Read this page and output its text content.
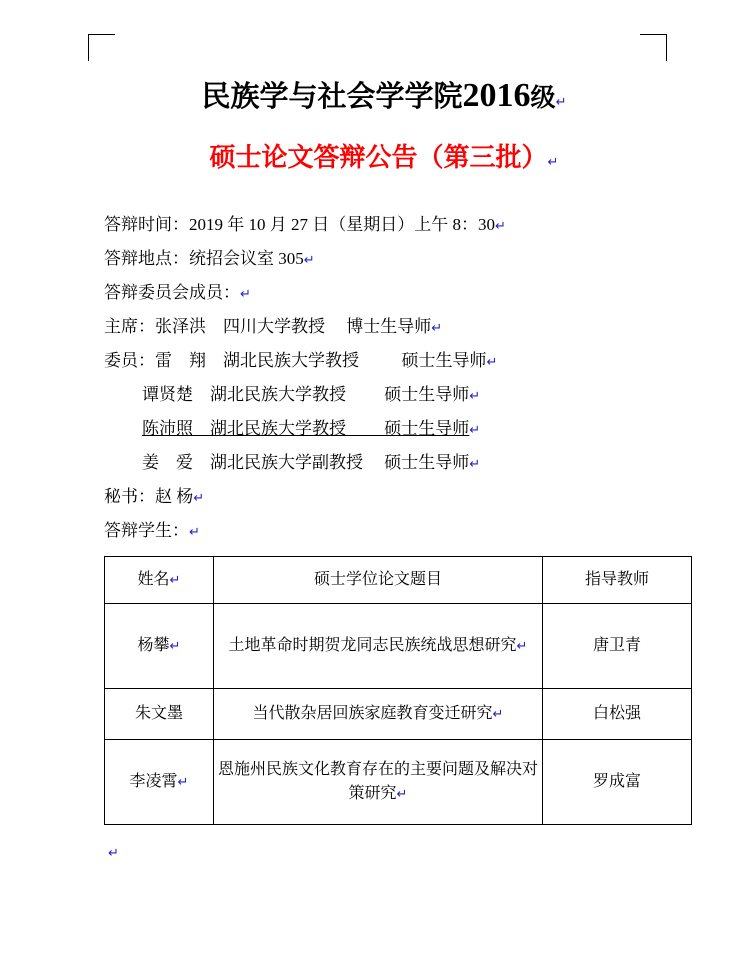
民族学与社会学学院2016级↵
硕士论文答辩公告（第三批）↵
答辩时间：2019 年 10 月 27 日（星期日）上午 8：30↵
答辩地点：统招会议室 305↵
答辩委员会成员：↵
主席：张泽洪　四川大学教授　 博士生导师↵
委员：雷　翔　湖北民族大学教授　　  硕士生导师↵
谭贤楚　湖北民族大学教授　　 硕士生导师↵
陈沛照　湖北民族大学教授　　 硕士生导师↵
姜　爱　湖北民族大学副教授　 硕士生导师↵
秘书：赵 杨↵
答辩学生：↵
姓名↵	硕士学位论文题目	指导教师
杨攀↵	土地革命时期贺龙同志民族统战思想研究↵	唐卫青
朱文墨	当代散杂居回族家庭教育变迁研究↵	白松强
李凌霄↵	恩施州民族文化教育存在的主要问题及解决对策研究↵	罗成富
↵
